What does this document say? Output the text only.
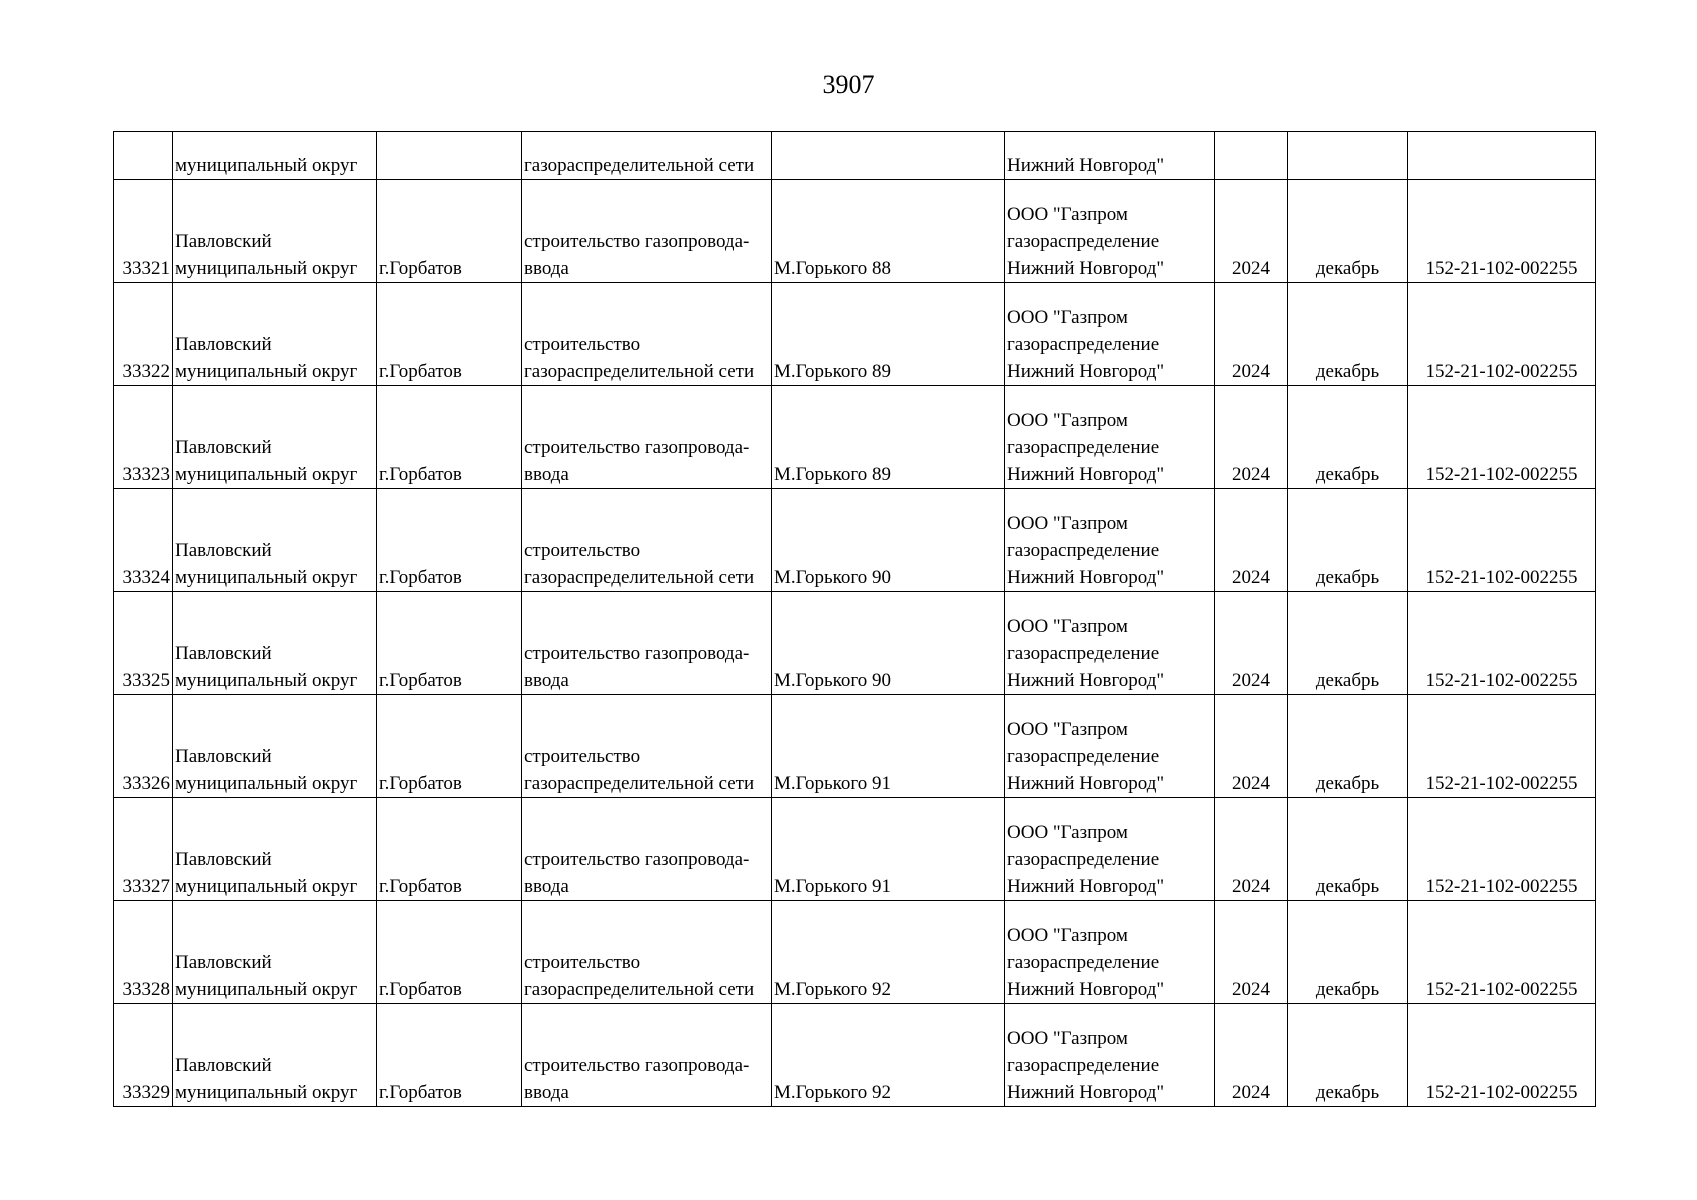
3907
	муниципальный округ		газораспределительной сети		Нижний Новгород"			

33321	Павловский
муниципальный округ	г.Горбатов	строительство газопровода-
ввода	М.Горького 88	ООО "Газпром
газораспределение
Нижний Новгород"	2024	декабрь	152-21-102-002255

33322	Павловский
муниципальный округ	г.Горбатов	строительство
газораспределительной сети	М.Горького 89	ООО "Газпром
газораспределение
Нижний Новгород"	2024	декабрь	152-21-102-002255

33323	Павловский
муниципальный округ	г.Горбатов	строительство газопровода-
ввода	М.Горького 89	ООО "Газпром
газораспределение
Нижний Новгород"	2024	декабрь	152-21-102-002255

33324	Павловский
муниципальный округ	г.Горбатов	строительство
газораспределительной сети	М.Горького 90	ООО "Газпром
газораспределение
Нижний Новгород"	2024	декабрь	152-21-102-002255

33325	Павловский
муниципальный округ	г.Горбатов	строительство газопровода-
ввода	М.Горького 90	ООО "Газпром
газораспределение
Нижний Новгород"	2024	декабрь	152-21-102-002255

33326	Павловский
муниципальный округ	г.Горбатов	строительство
газораспределительной сети	М.Горького 91	ООО "Газпром
газораспределение
Нижний Новгород"	2024	декабрь	152-21-102-002255

33327	Павловский
муниципальный округ	г.Горбатов	строительство газопровода-
ввода	М.Горького 91	ООО "Газпром
газораспределение
Нижний Новгород"	2024	декабрь	152-21-102-002255

33328	Павловский
муниципальный округ	г.Горбатов	строительство
газораспределительной сети	М.Горького 92	ООО "Газпром
газораспределение
Нижний Новгород"	2024	декабрь	152-21-102-002255

33329	Павловский
муниципальный округ	г.Горбатов	строительство газопровода-
ввода	М.Горького 92	ООО "Газпром
газораспределение
Нижний Новгород"	2024	декабрь	152-21-102-002255
